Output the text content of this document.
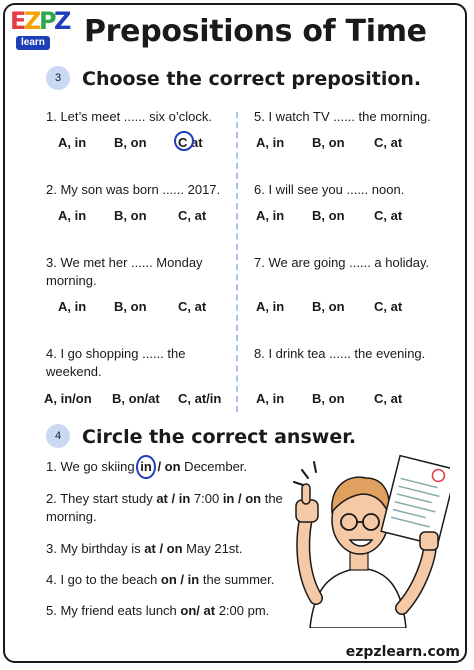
E
Z
P
Z
learn Prepositions of Time
3	Choose the correct preposition.
1. Let’s meet ...... six o’clock.
A, in B, on C at
2. My son was born ...... 2017.
A, in B, on C, at
3. We met her ...... Monday morning.
A, in B, on C, at
4. I go shopping ...... the weekend.
A, in/on B, on/at C, at/in
5. I watch TV ...... the morning.
A, in B, on C, at
6. I will see you ...... noon.
A, in B, on C, at
7. We are going ...... a holiday.
A, in B, on C, at
8. I drink tea ...... the evening.
A, in B, on C, at
4	Circle the correct answer.
1. We go skiing in / on December.
2. They start study at / in 7:00 in / on the morning.
3. My birthday is at / on May 21st.
4. I go to the beach on / in the summer.
5. My friend eats lunch on/ at 2:00 pm.
ezpzlearn.com
